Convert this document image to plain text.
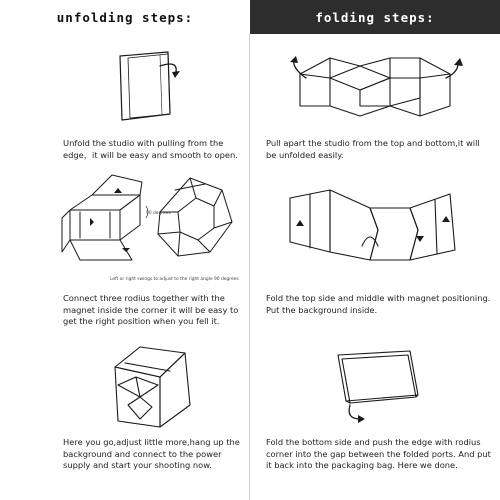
unfolding steps:
Unfold the studio with pulling from the edge，it will be easy and smooth to open.
90 degrees
Left or right swings to adjust to the right angle 90 degrees
Connect three rodius together with the magnet inside the corner it will be easy to get the right position when you fell it.
Here you go,adjust little more,hang up the background and connect to the power supply and start your shooting now.
folding steps:
Pull apart the studio from the top and bottom,it will be unfolded easily.
Fold the top side and middle with magnet positioning. Put the background inside.
Fold the bottom side and push the edge with rodius corner into the gap between the folded ports. And put it back into the packaging bag. Here we done.
